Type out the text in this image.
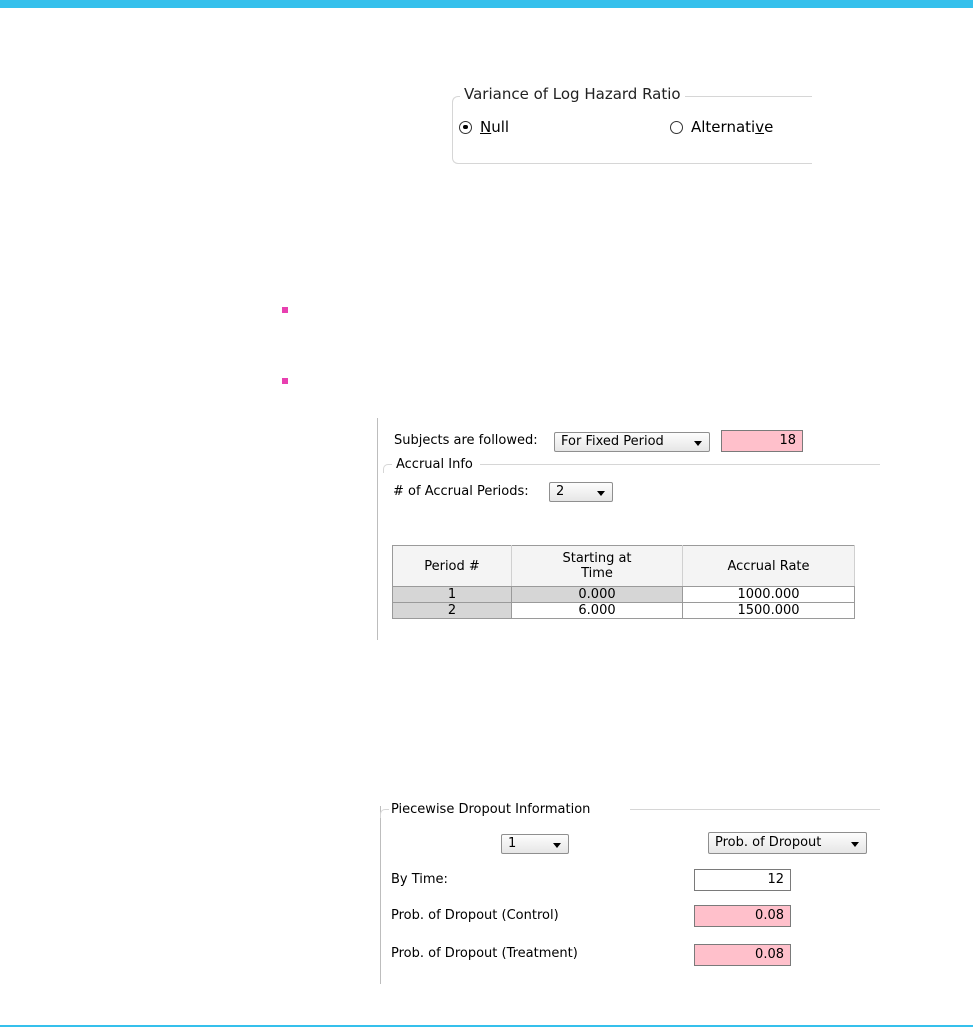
Variance of Log Hazard Ratio
Null	Alternative
Subjects are followed:	For Fixed Period	18
Accrual Info
# of Accrual Periods:	2
Period #	Starting at Time	Accrual Rate
1	0.000	1000.000
2	6.000	1500.000
Piecewise Dropout Information
1	Prob. of Dropout
By Time:	12
Prob. of Dropout (Control)	0.08
Prob. of Dropout (Treatment)	0.08
